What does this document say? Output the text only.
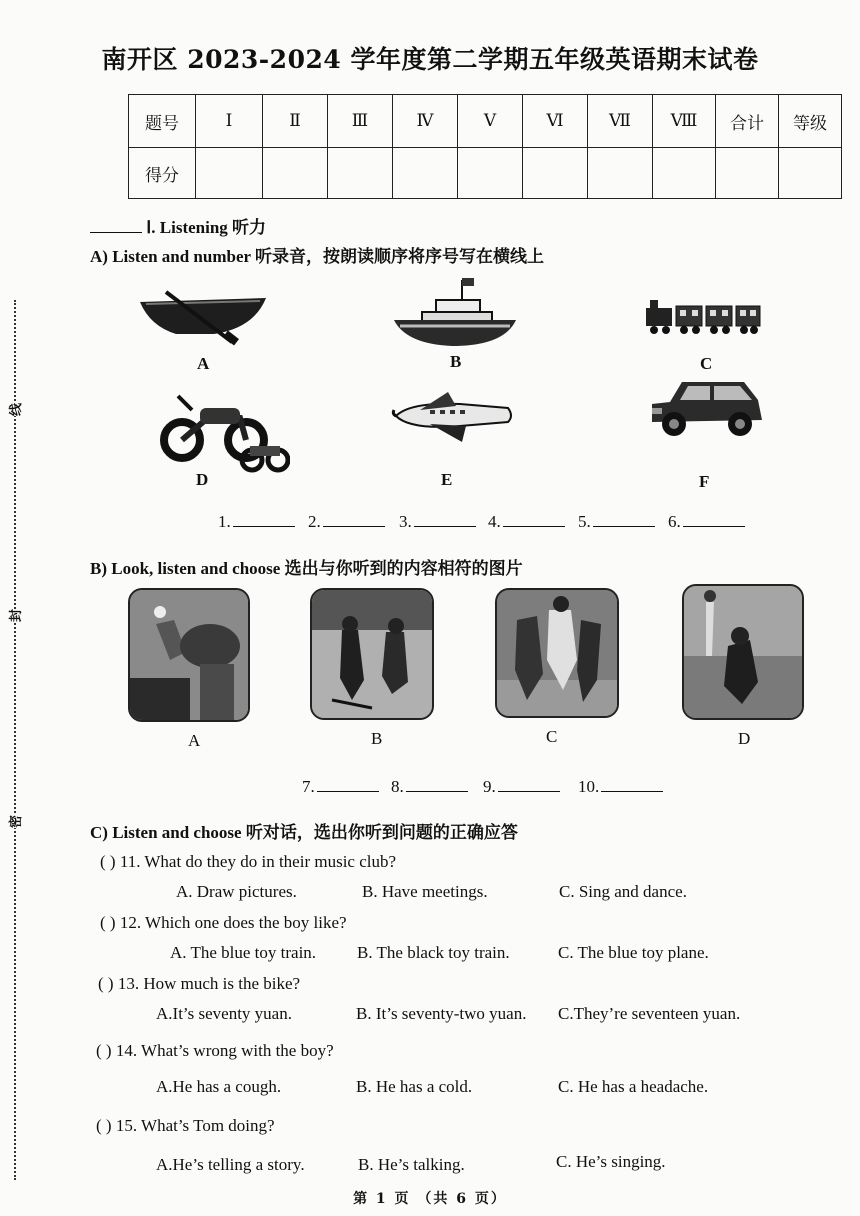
线
封
密
南开区 2023-2024 学年度第二学期五年级英语期末试卷
题号	Ⅰ	Ⅱ	Ⅲ	Ⅳ	Ⅴ	Ⅵ	Ⅶ	Ⅷ	合计	等级
得分										
Ⅰ. Listening 听力
A) Listen and number 听录音，按朗读顺序将序号写在横线上
A	B	C
D	E	F
1.	2.	3.	4.	5.	6.
B) Look, listen and choose 选出与你听到的内容相符的图片
A	B	C	D
7.	8.	9.	10.
C) Listen and choose 听对话，选出你听到问题的正确应答
( ) 11. What do they do in their music club?
A. Draw pictures.	B. Have meetings.	C. Sing and dance.
( ) 12. Which one does the boy like?
A. The blue toy train. B. The black toy train.	C. The blue toy plane.
( ) 13. How much is the bike?
A.It’s seventy yuan.	B. It’s seventy-two yuan. C.They’re seventeen yuan.
( ) 14. What’s wrong with the boy?
A.He has a cough.	B. He has a cold.	C. He has a headache.
( ) 15. What’s Tom doing?
A.He’s telling a story.	B. He’s talking.	C. He’s singing.
第 1 页 （共 6 页）
